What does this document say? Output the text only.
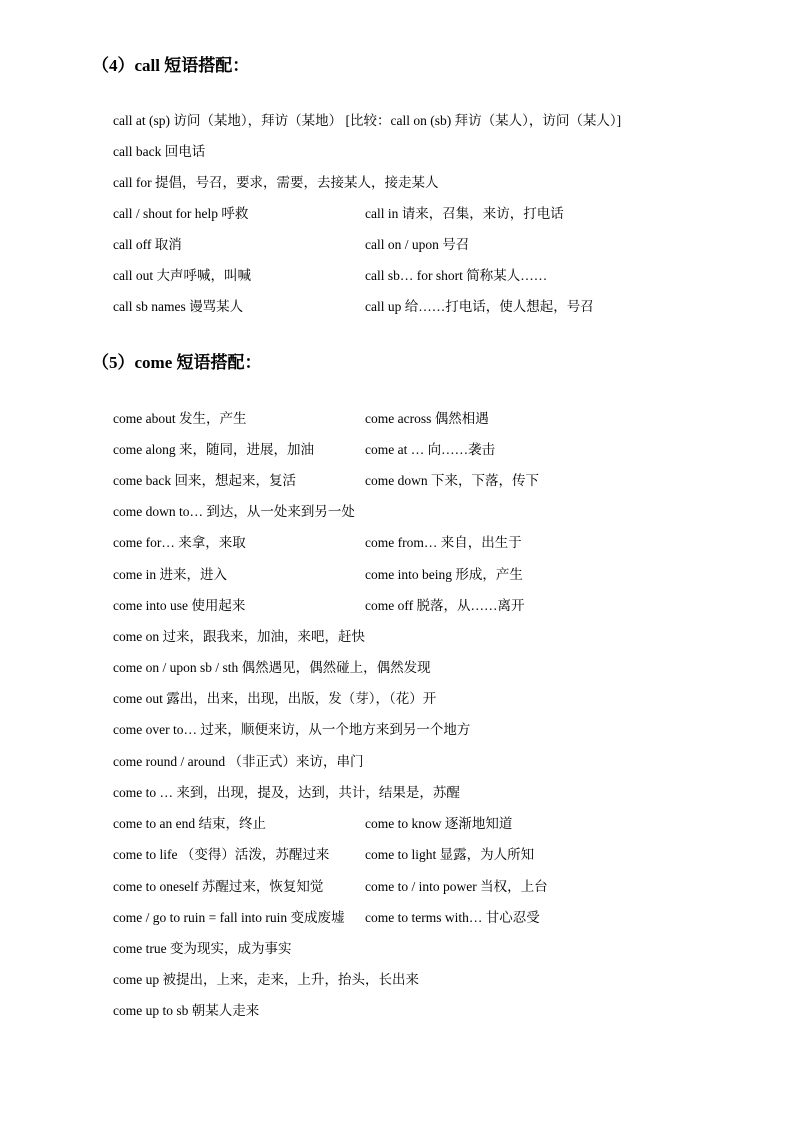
（4）call 短语搭配：
call at (sp) 访问（某地），拜访（某地） [比较：call on (sb) 拜访（某人），访问（某人）]
call back 回电话
call for 提倡，号召，要求，需要，去接某人，接走某人
call / shout for help 呼救	call in 请来，召集，来访，打电话
call off 取消	call on / upon 号召
call out 大声呼喊，叫喊	call sb… for short 简称某人……
call sb names 谩骂某人	call up 给……打电话，使人想起，号召
（5）come 短语搭配：
come about 发生，产生	come across 偶然相遇
come along 来，随同，进展，加油	come at … 向……袭击
come back 回来，想起来，复活	come down 下来，下落，传下
come down to… 到达，从一处来到另一处
come for… 来拿，来取	come from… 来自，出生于
come in 进来，进入	come into being 形成，产生
come into use 使用起来	come off 脱落，从……离开
come on 过来，跟我来，加油，来吧，赶快
come on / upon sb / sth 偶然遇见，偶然碰上，偶然发现
come out 露出，出来，出现，出版，发（芽），（花）开
come over to… 过来，顺便来访，从一个地方来到另一个地方
come round / around （非正式）来访，串门
come to … 来到，出现，提及，达到，共计，结果是，苏醒
come to an end 结束，终止	come to know 逐渐地知道
come to life （变得）活泼，苏醒过来	come to light 显露，为人所知
come to oneself 苏醒过来，恢复知觉	come to / into power 当权，上台
come / go to ruin = fall into ruin 变成废墟 come to terms with… 甘心忍受
come true 变为现实，成为事实
come up 被提出，上来，走来，上升，抬头，长出来
come up to sb 朝某人走来
